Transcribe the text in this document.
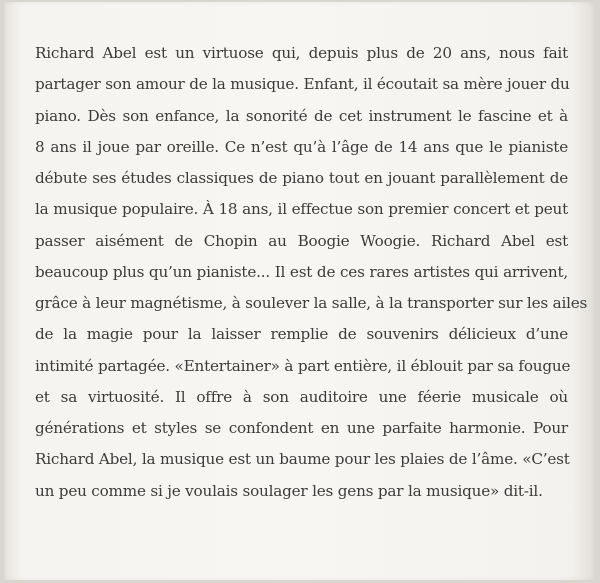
Richard Abel est un virtuose qui, depuis plus de 20 ans, nous fait
partager son amour de la musique. Enfant, il écoutait sa mère jouer du
piano. Dès son enfance, la sonorité de cet instrument le fascine et à
8 ans il joue par oreille. Ce n’est qu’à l’âge de 14 ans que le pianiste
débute ses études classiques de piano tout en jouant parallèlement de
la musique populaire. À 18 ans, il effectue son premier concert et peut
passer aisément de Chopin au Boogie Woogie. Richard Abel est
beaucoup plus qu’un pianiste... Il est de ces rares artistes qui arrivent,
grâce à leur magnétisme, à soulever la salle, à la transporter sur les ailes
de la magie pour la laisser remplie de souvenirs délicieux d’une
intimité partagée. «Entertainer» à part entière, il éblouit par sa fougue
et sa virtuosité. Il offre à son auditoire une féerie musicale où
générations et styles se confondent en une parfaite harmonie. Pour
Richard Abel, la musique est un baume pour les plaies de l’âme. «C’est
un peu comme si je voulais soulager les gens par la musique» dit-il.
